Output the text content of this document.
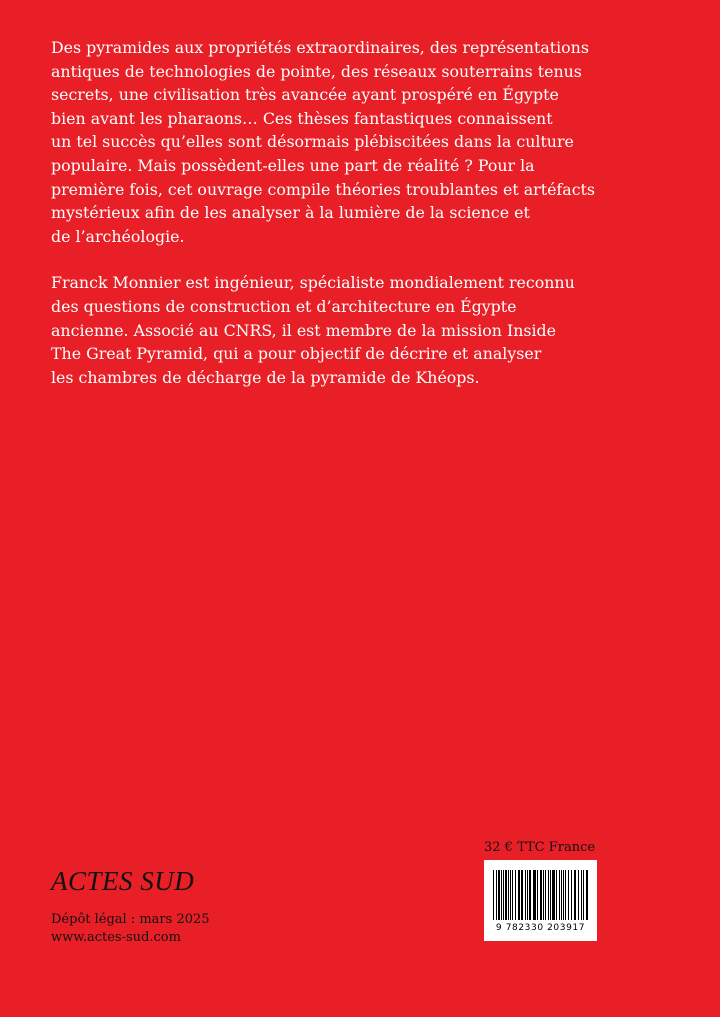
Des pyramides aux propriétés extraordinaires, des représentations
antiques de technologies de pointe, des réseaux souterrains tenus
secrets, une civilisation très avancée ayant prospéré en Égypte
bien avant les pharaons… Ces thèses fantastiques connaissent
un tel succès qu’elles sont désormais plébiscitées dans la culture
populaire. Mais possèdent-elles une part de réalité ? Pour la
première fois, cet ouvrage compile théories troublantes et artéfacts
mystérieux afin de les analyser à la lumière de la science et
de l’archéologie.

Franck Monnier est ingénieur, spécialiste mondialement reconnu
des questions de construction et d’architecture en Égypte
ancienne. Associé au CNRS, il est membre de la mission Inside
The Great Pyramid, qui a pour objectif de décrire et analyser
les chambres de décharge de la pyramide de Khéops.

32 € TTC France
9 782330 203917
ACTES SUD
Dépôt légal : mars 2025
www.actes-sud.com
